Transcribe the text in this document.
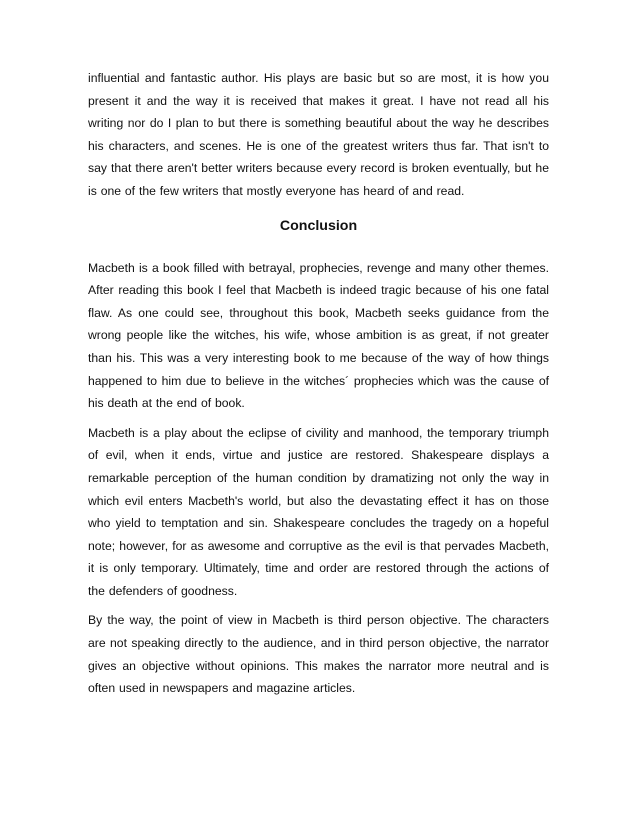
influential and fantastic author. His plays are basic but so are most, it is how you present it and the way it is received that makes it great. I have not read all his writing nor do I plan to but there is something beautiful about the way he describes his characters, and scenes. He is one of the greatest writers thus far. That isn't to say that there aren't better writers because every record is broken eventually, but he is one of the few writers that mostly everyone has heard of and read.

Conclusion

Macbeth is a book filled with betrayal, prophecies, revenge and many other themes. After reading this book I feel that Macbeth is indeed tragic because of his one fatal flaw. As one could see, throughout this book, Macbeth seeks guidance from the wrong people like the witches, his wife, whose ambition is as great, if not greater than his. This was a very interesting book to me because of the way of how things happened to him due to believe in the witches´ prophecies which was the cause of his death at the end of book.

Macbeth is a play about the eclipse of civility and manhood, the temporary triumph of evil, when it ends, virtue and justice are restored. Shakespeare displays a remarkable perception of the human condition by dramatizing not only the way in which evil enters Macbeth's world, but also the devastating effect it has on those who yield to temptation and sin. Shakespeare concludes the tragedy on a hopeful note; however, for as awesome and corruptive as the evil is that pervades Macbeth, it is only temporary. Ultimately, time and order are restored through the actions of the defenders of goodness.

By the way, the point of view in Macbeth is third person objective. The characters are not speaking directly to the audience, and in third person objective, the narrator gives an objective without opinions. This makes the narrator more neutral and is often used in newspapers and magazine articles.
